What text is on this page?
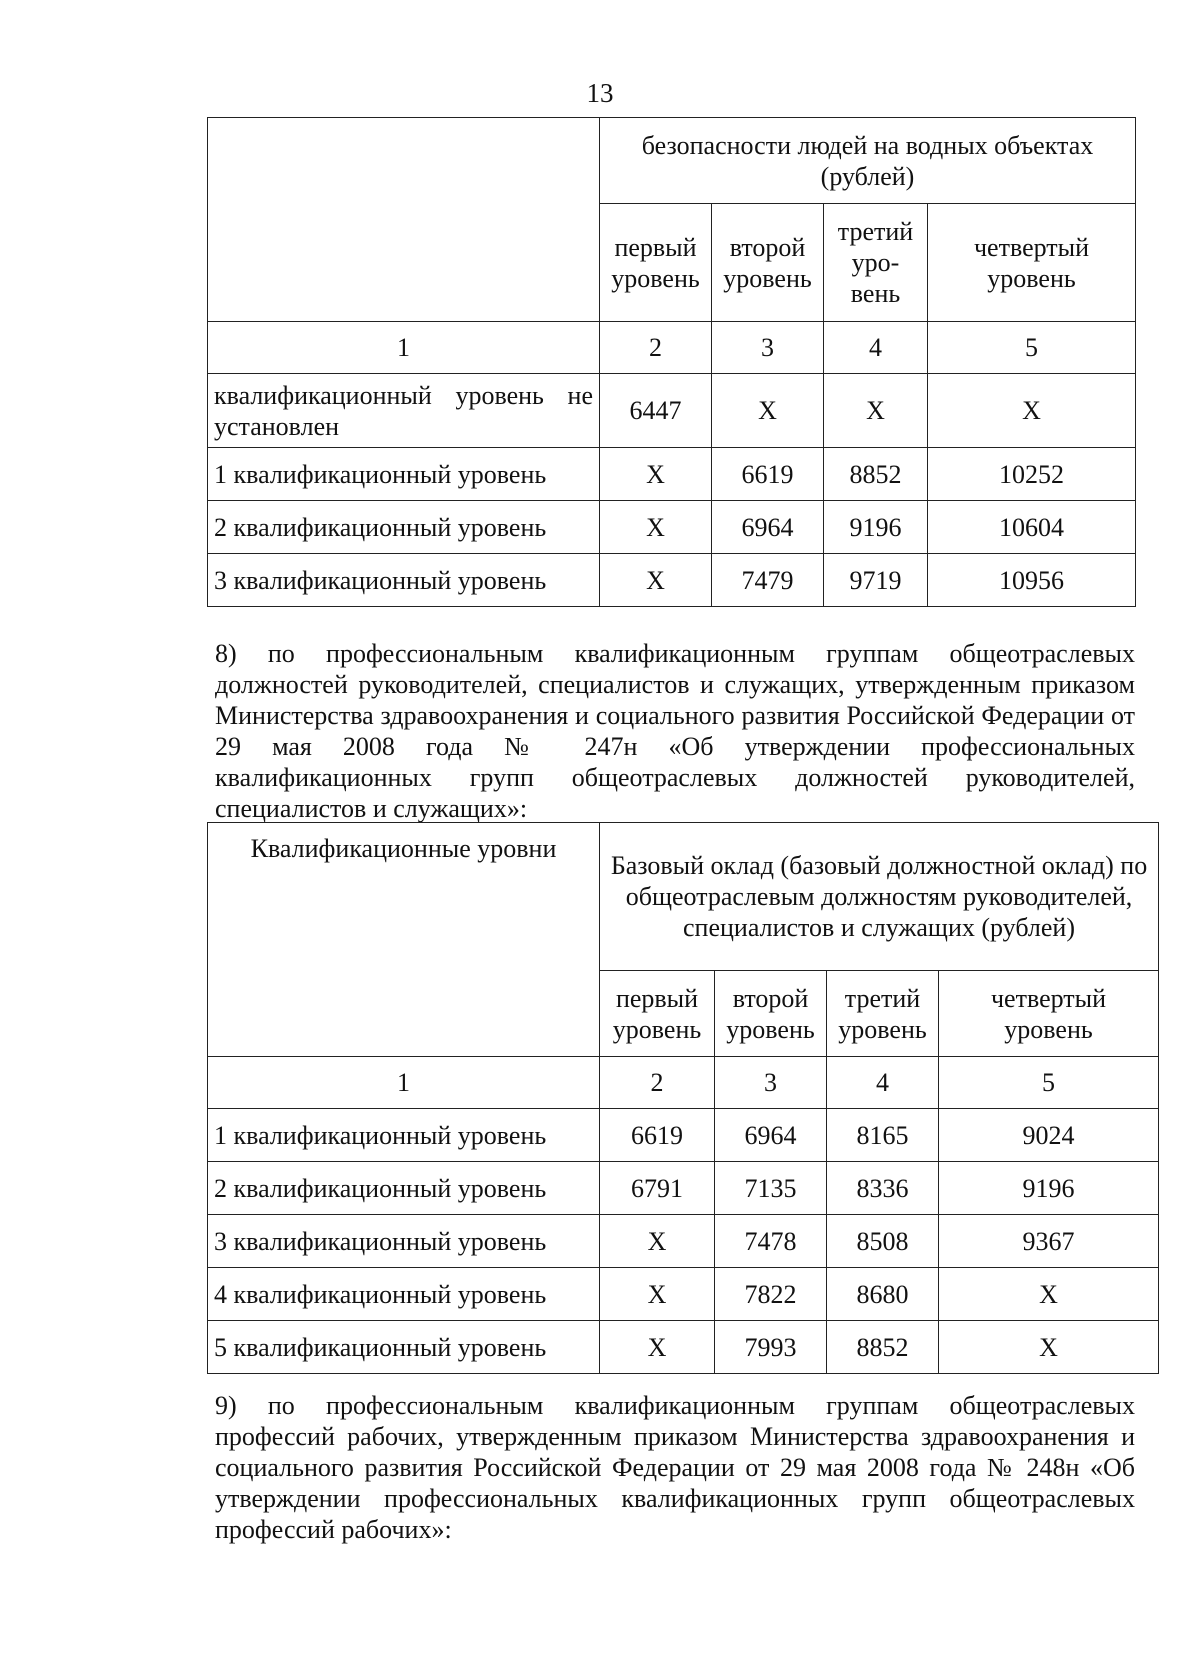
13
	безопасности людей на водных объектах (рублей)			
	первый уровень	второй уровень	третий уро-вень	четвертый уровень
1	2	3	4	5
квалификационный уровень не установлен	6447	X	X	X
1 квалификационный уровень	X	6619	8852	10252
2 квалификационный уровень	X	6964	9196	10604
3 квалификационный уровень	X	7479	9719	10956

8) по профессиональным квалификационным группам общеотраслевых должностей руководителей, специалистов и служащих, утвержденным приказом Министерства здравоохранения и социального развития Российской Федерации от 29 мая 2008 года № 247н «Об утверждении профессиональных квалификационных групп общеотраслевых должностей руководителей, специалистов и служащих»:

Квалификационные уровни	Базовый оклад (базовый должностной оклад) по общеотраслевым должностям руководителей, специалистов и служащих (рублей)			
	первый уровень	второй уровень	третий уровень	четвертый уровень
1	2	3	4	5
1 квалификационный уровень	6619	6964	8165	9024
2 квалификационный уровень	6791	7135	8336	9196
3 квалификационный уровень	X	7478	8508	9367
4 квалификационный уровень	X	7822	8680	X
5 квалификационный уровень	X	7993	8852	X

9) по профессиональным квалификационным группам общеотраслевых профессий рабочих, утвержденным приказом Министерства здравоохранения и социального развития Российской Федерации от 29 мая 2008 года № 248н «Об утверждении профессиональных квалификационных групп общеотраслевых профессий рабочих»:
